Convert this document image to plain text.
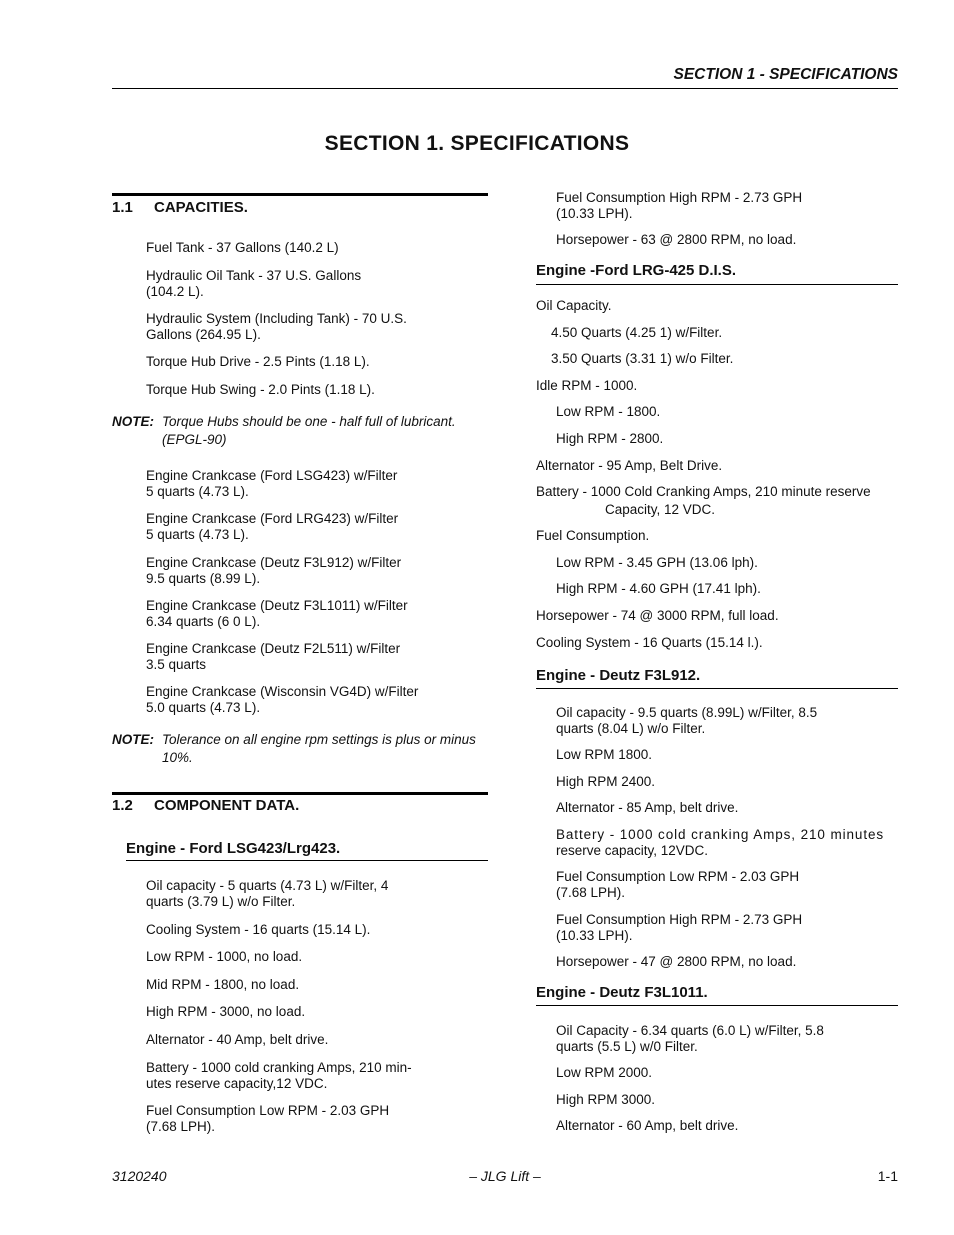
SECTION 1 - SPECIFICATIONS
SECTION 1. SPECIFICATIONS
1.1 CAPACITIES.
Fuel Tank - 37 Gallons (140.2 L)
Hydraulic Oil Tank - 37 U.S. Gallons
(104.2 L).
Hydraulic System (Including Tank) - 70 U.S.
Gallons (264.95 L).
Torque Hub Drive - 2.5 Pints (1.18 L).
Torque Hub Swing - 2.0 Pints (1.18 L).
NOTE: Torque Hubs should be one - half full of lubricant.
(EPGL-90)
Engine Crankcase (Ford LSG423) w/Filter
5 quarts (4.73 L).
Engine Crankcase (Ford LRG423) w/Filter
5 quarts (4.73 L).
Engine Crankcase (Deutz F3L912) w/Filter
9.5 quarts (8.99 L).
Engine Crankcase (Deutz F3L1011) w/Filter
6.34 quarts (6 0 L).
Engine Crankcase (Deutz F2L511) w/Filter
3.5 quarts
Engine Crankcase (Wisconsin VG4D) w/Filter
5.0 quarts (4.73 L).
NOTE: Tolerance on all engine rpm settings is plus or minus
10%.
1.2 COMPONENT DATA.
Engine - Ford LSG423/Lrg423.
Oil capacity - 5 quarts (4.73 L) w/Filter, 4
quarts (3.79 L) w/o Filter.
Cooling System - 16 quarts (15.14 L).
Low RPM - 1000, no load.
Mid RPM - 1800, no load.
High RPM - 3000, no load.
Alternator - 40 Amp, belt drive.
Battery - 1000 cold cranking Amps, 210 min-
utes reserve capacity,12 VDC.
Fuel Consumption Low RPM - 2.03 GPH
(7.68 LPH).
Fuel Consumption High RPM - 2.73 GPH
(10.33 LPH).
Horsepower - 63 @ 2800 RPM, no load.
Engine -Ford LRG-425 D.I.S.
Oil Capacity.
4.50 Quarts (4.25 1) w/Filter.
3.50 Quarts (3.31 1) w/o Filter.
Idle RPM - 1000.
Low RPM - 1800.
High RPM - 2800.
Alternator - 95 Amp, Belt Drive.
Battery - 1000 Cold Cranking Amps, 210 minute reserve
Capacity, 12 VDC.
Fuel Consumption.
Low RPM - 3.45 GPH (13.06 lph).
High RPM - 4.60 GPH (17.41 lph).
Horsepower - 74 @ 3000 RPM, full load.
Cooling System - 16 Quarts (15.14 l.).
Engine - Deutz F3L912.
Oil capacity - 9.5 quarts (8.99L) w/Filter, 8.5
quarts (8.04 L) w/o Filter.
Low RPM 1800.
High RPM 2400.
Alternator - 85 Amp, belt drive.
Battery - 1000 cold cranking Amps, 210 minutes
reserve capacity, 12VDC.
Fuel Consumption Low RPM - 2.03 GPH
(7.68 LPH).
Fuel Consumption High RPM - 2.73 GPH
(10.33 LPH).
Horsepower - 47 @ 2800 RPM, no load.
Engine - Deutz F3L1011.
Oil Capacity - 6.34 quarts (6.0 L) w/Filter, 5.8
quarts (5.5 L) w/0 Filter.
Low RPM 2000.
High RPM 3000.
Alternator - 60 Amp, belt drive.
3120240	– JLG Lift –	1-1
